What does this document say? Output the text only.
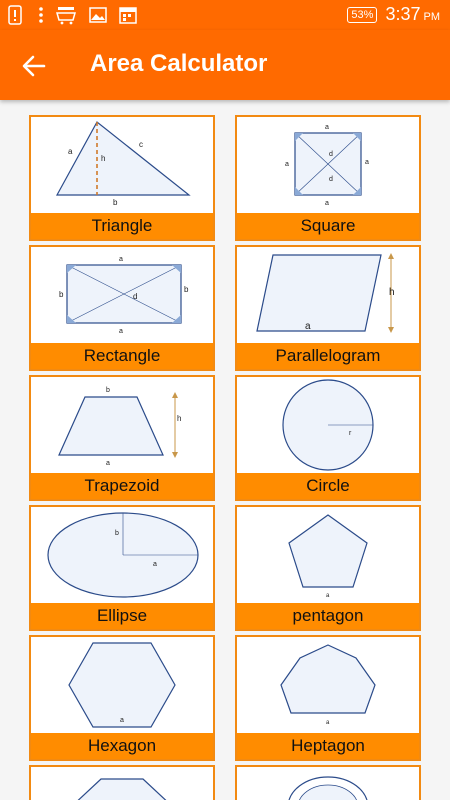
53% 3:37 PM
Area Calculator
a
h
c
b
Triangle
a
a	a
a
d
d
Square
a
b
b
a
d
Rectangle
h
a
Parallelogram
b
h
a
Trapezoid
r
Circle
b
a
Ellipse
a
pentagon
a
Hexagon
a
Heptagon
